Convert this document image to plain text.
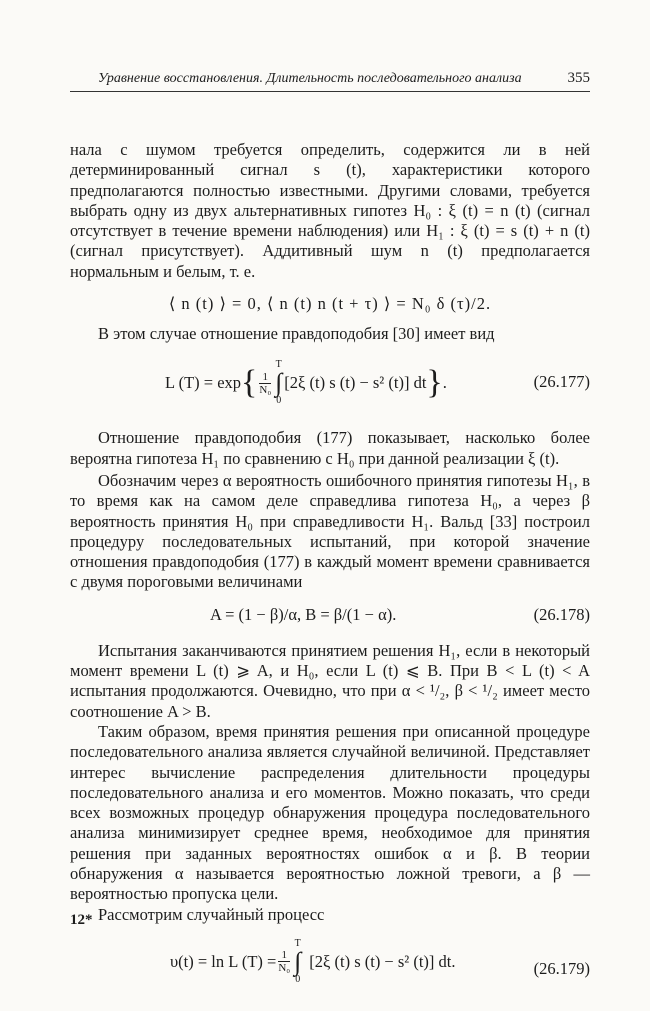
Уравнение восстановления. Длительность последовательного анализа	355

нала с шумом требуется определить, содержится ли в ней детерминированный сигнал s (t), характеристики которого предполагаются полностью известными. Другими словами, требуется выбрать одну из двух альтернативных гипотез H₀ : ξ (t) = n (t) (сигнал отсутствует в течение времени наблюдения) или H₁ : ξ (t) = s (t) + n (t) (сигнал присутствует). Аддитивный шум n (t) предполагается нормальным и белым, т. е.

⟨ n (t) ⟩ = 0, ⟨ n (t) n (t + τ) ⟩ = N₀ δ (τ)/2.

В этом случае отношение правдоподобия [30] имеет вид

L (T) = exp { $\frac{1}{\text{N₀}}$
T
∫
0
[2ξ (t) s (t) − s² (t)] dt } .	(26.177)

Отношение правдоподобия (177) показывает, насколько более вероятна гипотеза H₁ по сравнению с H₀ при данной реализации ξ (t).

Обозначим через α вероятность ошибочного принятия гипотезы H₁, в то время как на самом деле справедлива гипотеза H₀, а через β вероятность принятия H₀ при справедливости H₁. Вальд [33] построил процедуру последовательных испытаний, при которой значение отношения правдоподобия (177) в каждый момент времени сравнивается с двумя пороговыми величинами

A = (1 − β)/α, B = β/(1 − α).	(26.178)

Испытания заканчиваются принятием решения H₁, если в некоторый момент времени L (t) ⩾ A, и H₀, если L (t) ⩽ B. При B < L (t) < A испытания продолжаются. Очевидно, что при α < ¹/₂, β < ¹/₂ имеет место соотношение A > B.

Таким образом, время принятия решения при описанной процедуре последовательного анализа является случайной величиной. Представляет интерес вычисление распределения длительности процедуры последовательного анализа и его моментов. Можно показать, что среди всех возможных процедур обнаружения процедура последовательного анализа минимизирует среднее время, необходимое для принятия решения при заданных вероятностях ошибок α и β. В теории обнаружения α называется вероятностью ложной тревоги, а β — вероятностью пропуска цели.

Рассмотрим случайный процесс

υ(t) = ln L $(T) = \frac{1}{\text{N₀}}$
T
∫
0
[2ξ (t) s (t) − s² (t)] dt.	(26.179)
12*
